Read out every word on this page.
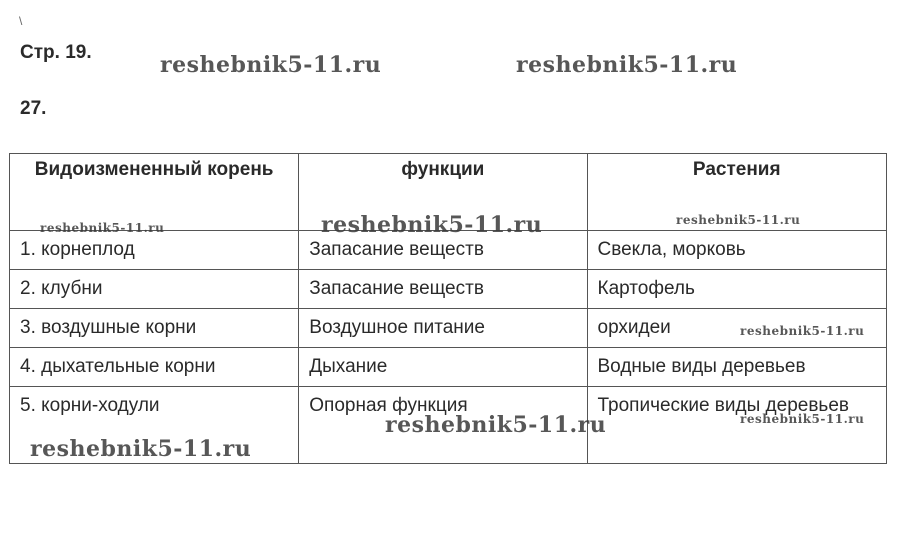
\
Стр. 19.
27.
Видоизмененный корень	функции	Растения

1. корнеплод	Запасание веществ	Свекла, морковь

2. клубни	Запасание веществ	Картофель

3. воздушные корни	Воздушное питание	орхидеи

4. дыхательные корни	Дыхание	Водные виды деревьев

5. корни-ходули	Опорная функция	Тропические виды деревьев
reshebnik5-11.ru	reshebnik5-11.ru
reshebnik5-11.ru	reshebnik5-11.ru	reshebnik5-11.ru
reshebnik5-11.ru
reshebnik5-11.ru
reshebnik5-11.ru
reshebnik5-11.ru
